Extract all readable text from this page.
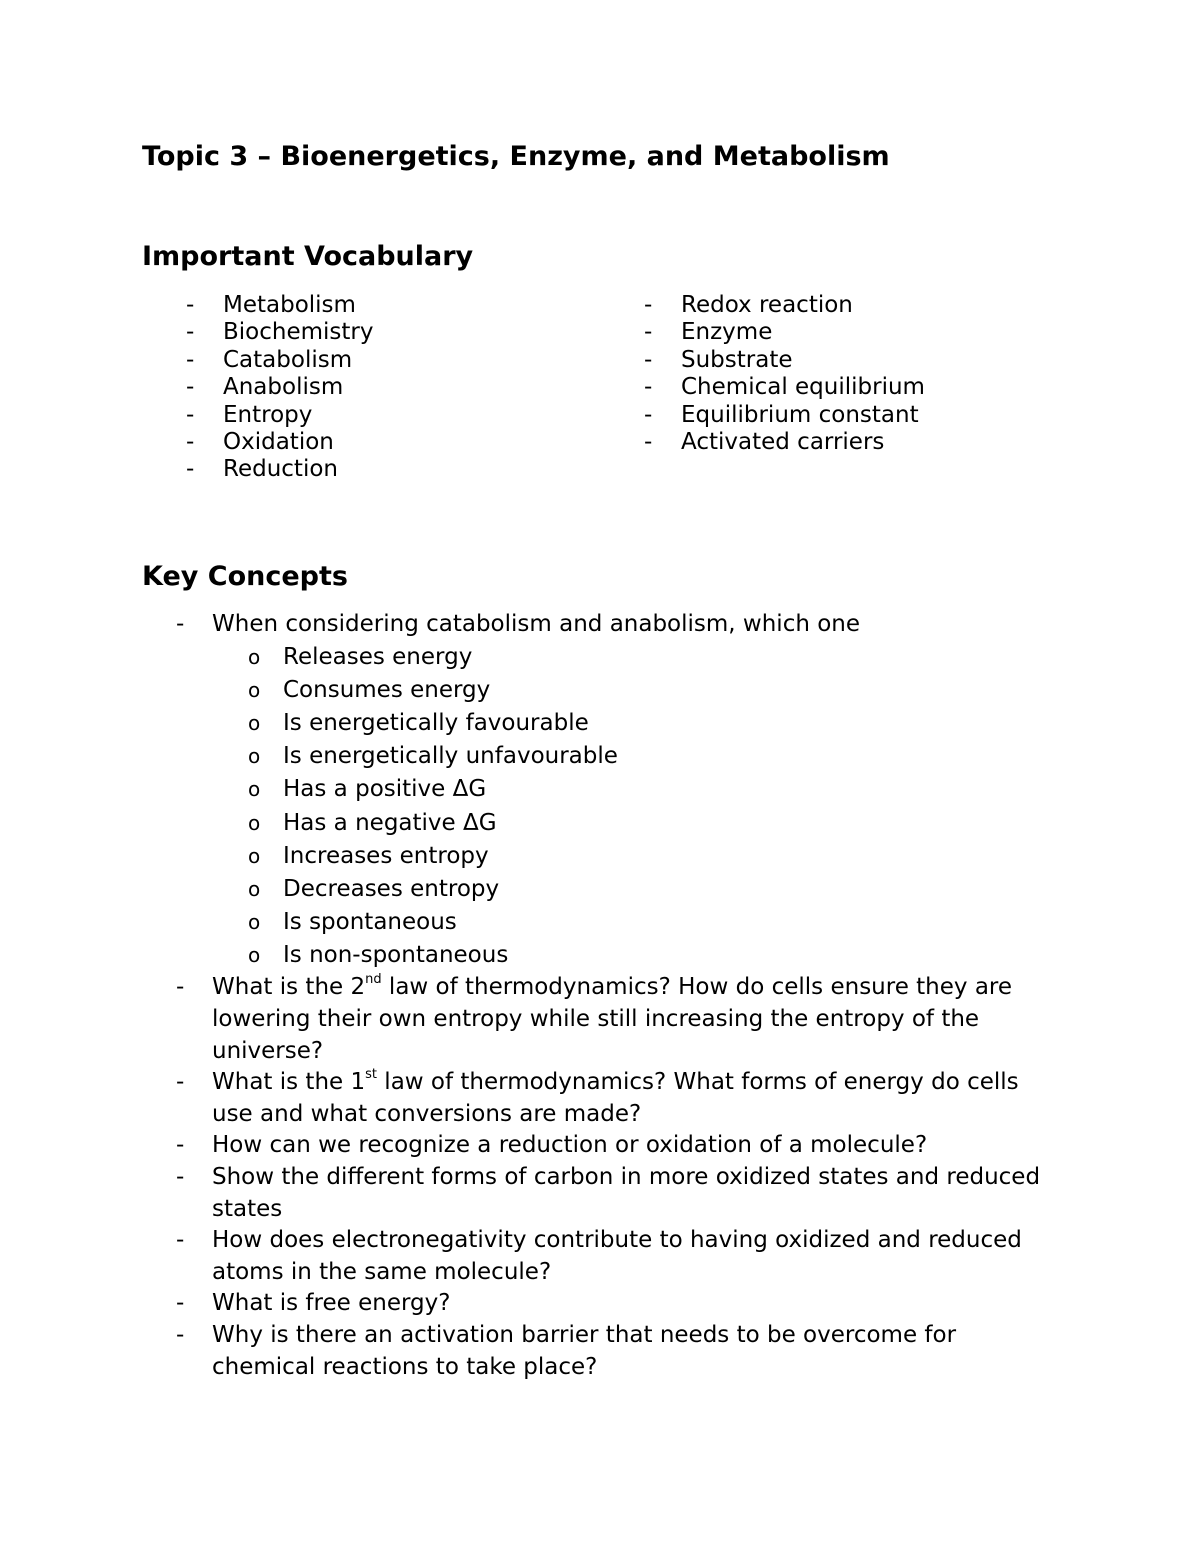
Topic 3 – Bioenergetics, Enzyme, and Metabolism
Important Vocabulary
- Metabolism
- Biochemistry
- Catabolism
- Anabolism
- Entropy
- Oxidation
- Reduction
- Redox reaction
- Enzyme
- Substrate
- Chemical equilibrium
- Equilibrium constant
- Activated carriers
Key Concepts
- When considering catabolism and anabolism, which one
o Releases energy
o Consumes energy
o Is energetically favourable
o Is energetically unfavourable
o Has a positive ΔG
o Has a negative ΔG
o Increases entropy
o Decreases entropy
o Is spontaneous
o Is non-spontaneous
- What is the 2nd law of thermodynamics? How do cells ensure they are lowering their own entropy while still increasing the entropy of the universe?
- What is the 1st law of thermodynamics? What forms of energy do cells use and what conversions are made?
- How can we recognize a reduction or oxidation of a molecule?
- Show the different forms of carbon in more oxidized states and reduced states
- How does electronegativity contribute to having oxidized and reduced atoms in the same molecule?
- What is free energy?
- Why is there an activation barrier that needs to be overcome for chemical reactions to take place?
